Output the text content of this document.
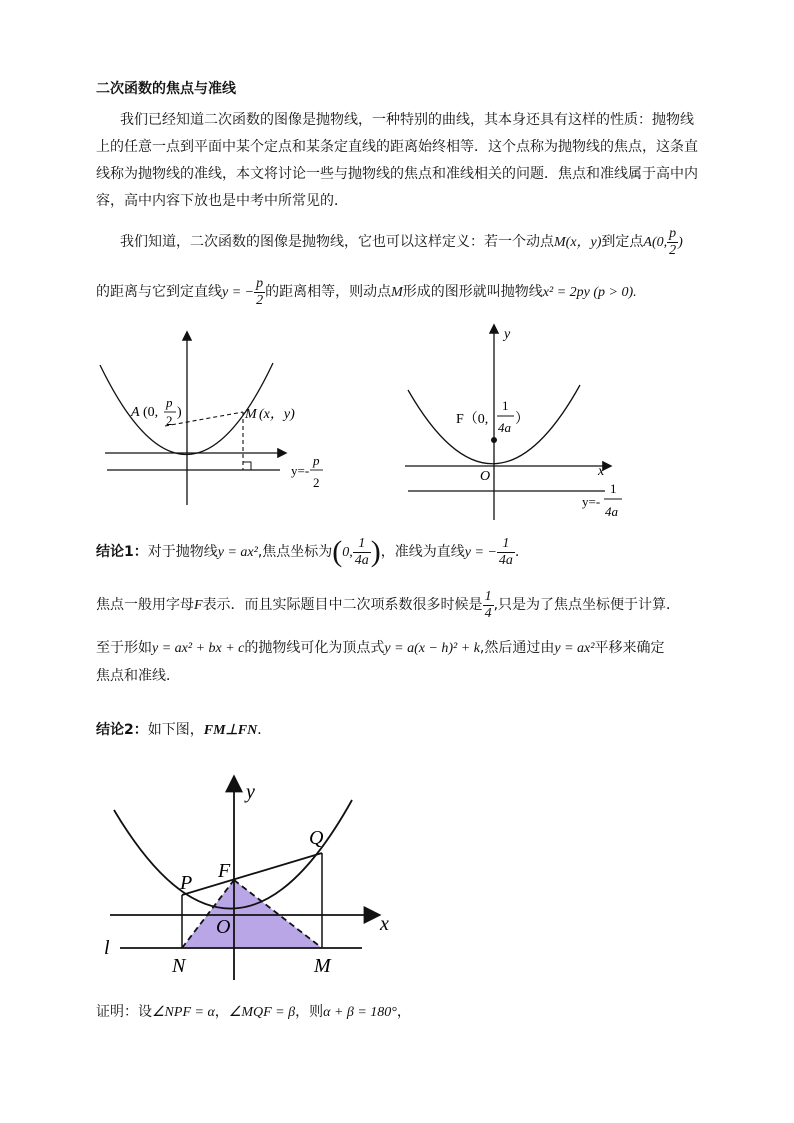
二次函数的焦点与准线
我们已经知道二次函数的图像是抛物线，一种特别的曲线，其本身还具有这样的性质：抛物线
上的任意一点到平面中某个定点和某条定直线的距离始终相等．这个点称为抛物线的焦点，这条直
线称为抛物线的准线，本文将讨论一些与抛物线的焦点和准线相关的问题．焦点和准线属于高中内
容，高中内容下放也是中考中所常见的．
我们知道，二次函数的图像是抛物线，它也可以这样定义：若一个动点M(x，y)到定点A(0, $\frac{p}{2}$ )
的距离与它到定直线y = − $\frac{p}{2}$ 的距离相等，则动点M形成的图形就叫抛物线x² = 2py (p > 0).
A (0,
p
2
)	M (x，y)
y=-
p
2
y
x
O
F（0,
1
4a
）
y=-
1
4a
结论1：对于抛物线y = ax²,焦点坐标为(0, $\frac{1}{4a}$ )，准线为直线y = − $\frac{1}{4a}$ .
焦点一般用字母F表示．而且实际题目中二次项系数很多时候是 $\frac{1}{4}$ ,只是为了焦点坐标便于计算．
至于形如y = ax² + bx + c的抛物线可化为顶点式y = a(x − h)² + k,然后通过由y = ax²平移来确定
焦点和准线．
结论2：如下图，FM⊥FN．
y
x
O
P
Q
F
N	M
l
证明：设∠NPF = α，∠MQF = β，则α + β = 180°，
